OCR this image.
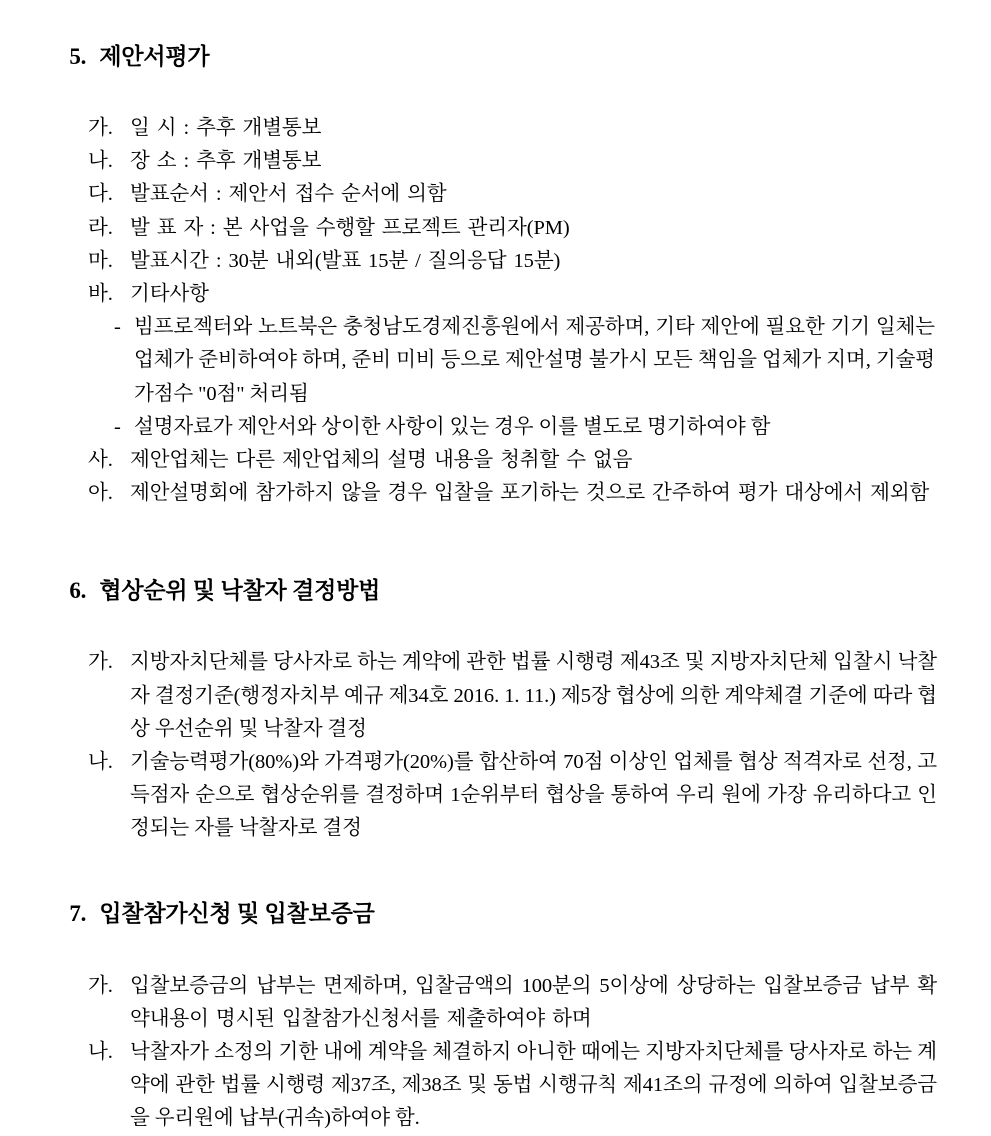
5. 제안서평가

가. 일 시 : 추후 개별통보
나. 장 소 : 추후 개별통보
다. 발표순서 : 제안서 접수 순서에 의함
라. 발 표 자 : 본 사업을 수행할 프로젝트 관리자(PM)
마. 발표시간 : 30분 내외(발표 15분 / 질의응답 15분)
바. 기타사항
- 빔프로젝터와 노트북은 충청남도경제진흥원에서 제공하며, 기타 제안에 필요한 기기 일체는 업체가 준비하여야 하며, 준비 미비 등으로 제안설명 불가시 모든 책임을 업체가 지며, 기술평가점수 "0점" 처리됨
- 설명자료가 제안서와 상이한 사항이 있는 경우 이를 별도로 명기하여야 함
사. 제안업체는 다른 제안업체의 설명 내용을 청취할 수 없음
아. 제안설명회에 참가하지 않을 경우 입찰을 포기하는 것으로 간주하여 평가 대상에서 제외함

6. 협상순위 및 낙찰자 결정방법

가. 지방자치단체를 당사자로 하는 계약에 관한 법률 시행령 제43조 및 지방자치단체 입찰시 낙찰자 결정기준(행정자치부 예규 제34호 2016. 1. 11.) 제5장 협상에 의한 계약체결 기준에 따라 협상 우선순위 및 낙찰자 결정
나. 기술능력평가(80%)와 가격평가(20%)를 합산하여 70점 이상인 업체를 협상 적격자로 선정, 고득점자 순으로 협상순위를 결정하며 1순위부터 협상을 통하여 우리 원에 가장 유리하다고 인정되는 자를 낙찰자로 결정

7. 입찰참가신청 및 입찰보증금

가. 입찰보증금의 납부는 면제하며, 입찰금액의 100분의 5이상에 상당하는 입찰보증금 납부 확약내용이 명시된 입찰참가신청서를 제출하여야 하며
나. 낙찰자가 소정의 기한 내에 계약을 체결하지 아니한 때에는 지방자치단체를 당사자로 하는 계약에 관한 법률 시행령 제37조, 제38조 및 동법 시행규칙 제41조의 규정에 의하여 입찰보증금을 우리원에 납부(귀속)하여야 함.
